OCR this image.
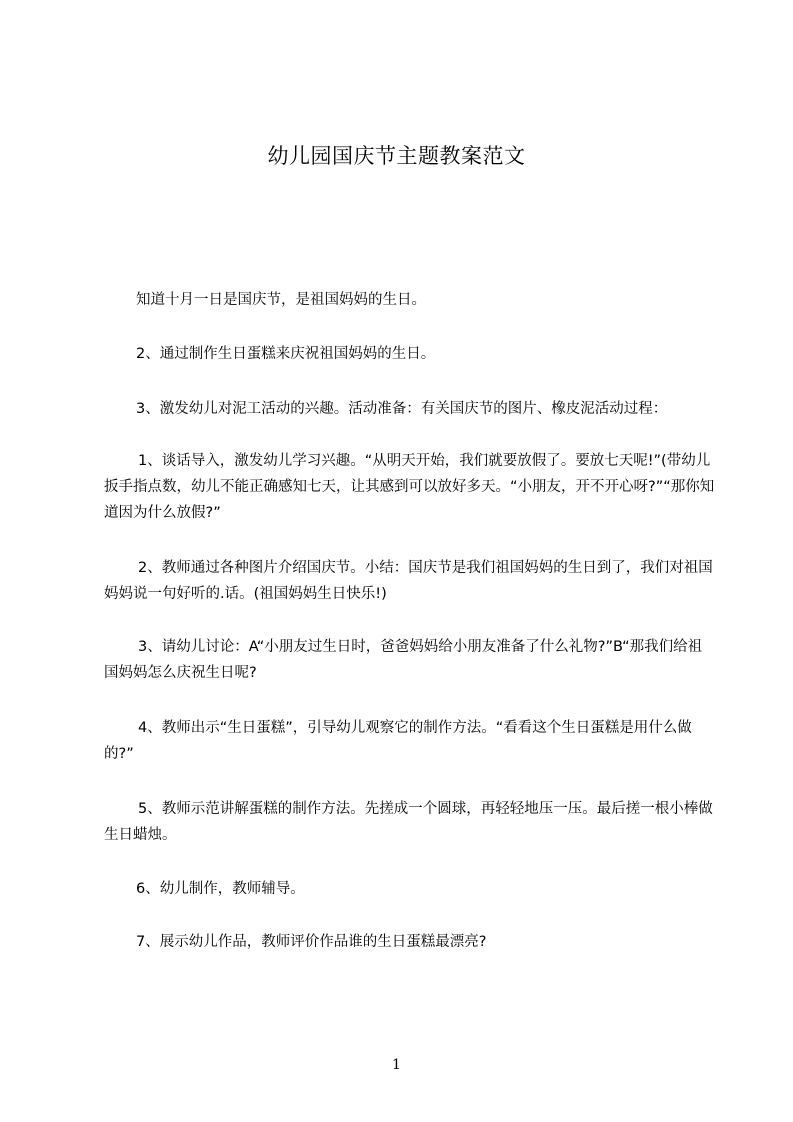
幼儿园国庆节主题教案范文

知道十月一日是国庆节，是祖国妈妈的生日。

2、通过制作生日蛋糕来庆祝祖国妈妈的生日。

3、激发幼儿对泥工活动的兴趣。活动准备：有关国庆节的图片、橡皮泥活动过程：

1、谈话导入，激发幼儿学习兴趣。“从明天开始，我们就要放假了。要放七天呢!”(带幼儿扳手指点数，幼儿不能正确感知七天，让其感到可以放好多天。“小朋友，开不开心呀?”“那你知道因为什么放假?”

2、教师通过各种图片介绍国庆节。小结：国庆节是我们祖国妈妈的生日到了，我们对祖国妈妈说一句好听的.话。(祖国妈妈生日快乐!)

3、请幼儿讨论：A“小朋友过生日时，爸爸妈妈给小朋友准备了什么礼物?”B“那我们给祖国妈妈怎么庆祝生日呢?

4、教师出示“生日蛋糕”，引导幼儿观察它的制作方法。“看看这个生日蛋糕是用什么做的?”

5、教师示范讲解蛋糕的制作方法。先搓成一个圆球，再轻轻地压一压。最后搓一根小棒做生日蜡烛。

6、幼儿制作，教师辅导。

7、展示幼儿作品，教师评价作品谁的生日蛋糕最漂亮?

1
